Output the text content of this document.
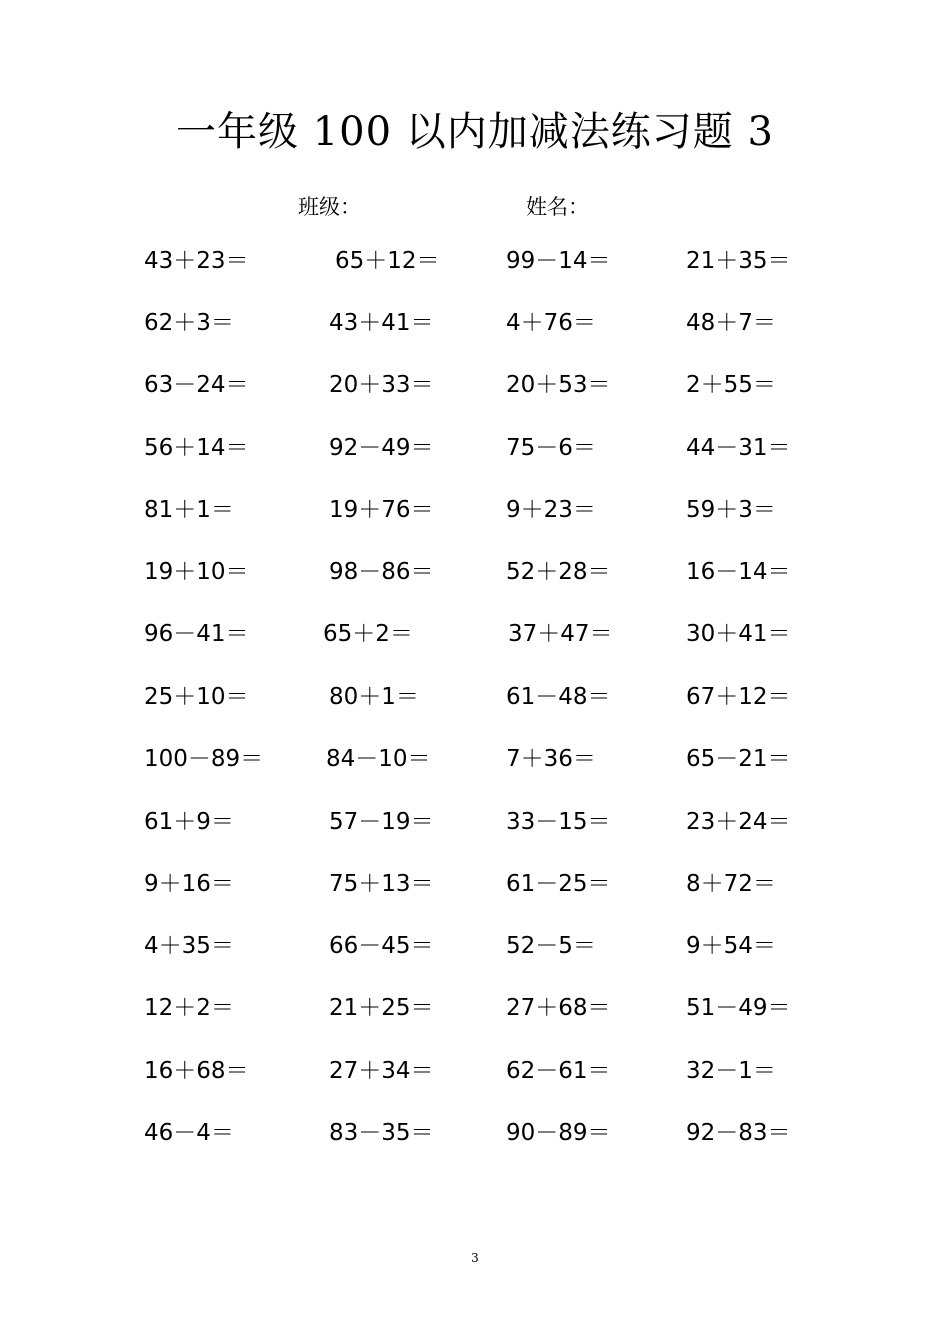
一年级 100 以内加减法练习题 3
班级：	姓名：
43＋23＝	65＋12＝	99－14＝	21＋35＝
62＋3＝	43＋41＝	4＋76＝	48＋7＝
63－24＝	20＋33＝	20＋53＝	2＋55＝
56＋14＝	92－49＝	75－6＝	44－31＝
81＋1＝	19＋76＝	9＋23＝	59＋3＝
19＋10＝	98－86＝	52＋28＝	16－14＝
96－41＝	65＋2＝	37＋47＝	30＋41＝
25＋10＝	80＋1＝	61－48＝	67＋12＝
100－89＝	84－10＝	7＋36＝	65－21＝
61＋9＝	57－19＝	33－15＝	23＋24＝
9＋16＝	75＋13＝	61－25＝	8＋72＝
4＋35＝	66－45＝	52－5＝	9＋54＝
12＋2＝	21＋25＝	27＋68＝	51－49＝
16＋68＝	27＋34＝	62－61＝	32－1＝
46－4＝	83－35＝	90－89＝	92－83＝
3
